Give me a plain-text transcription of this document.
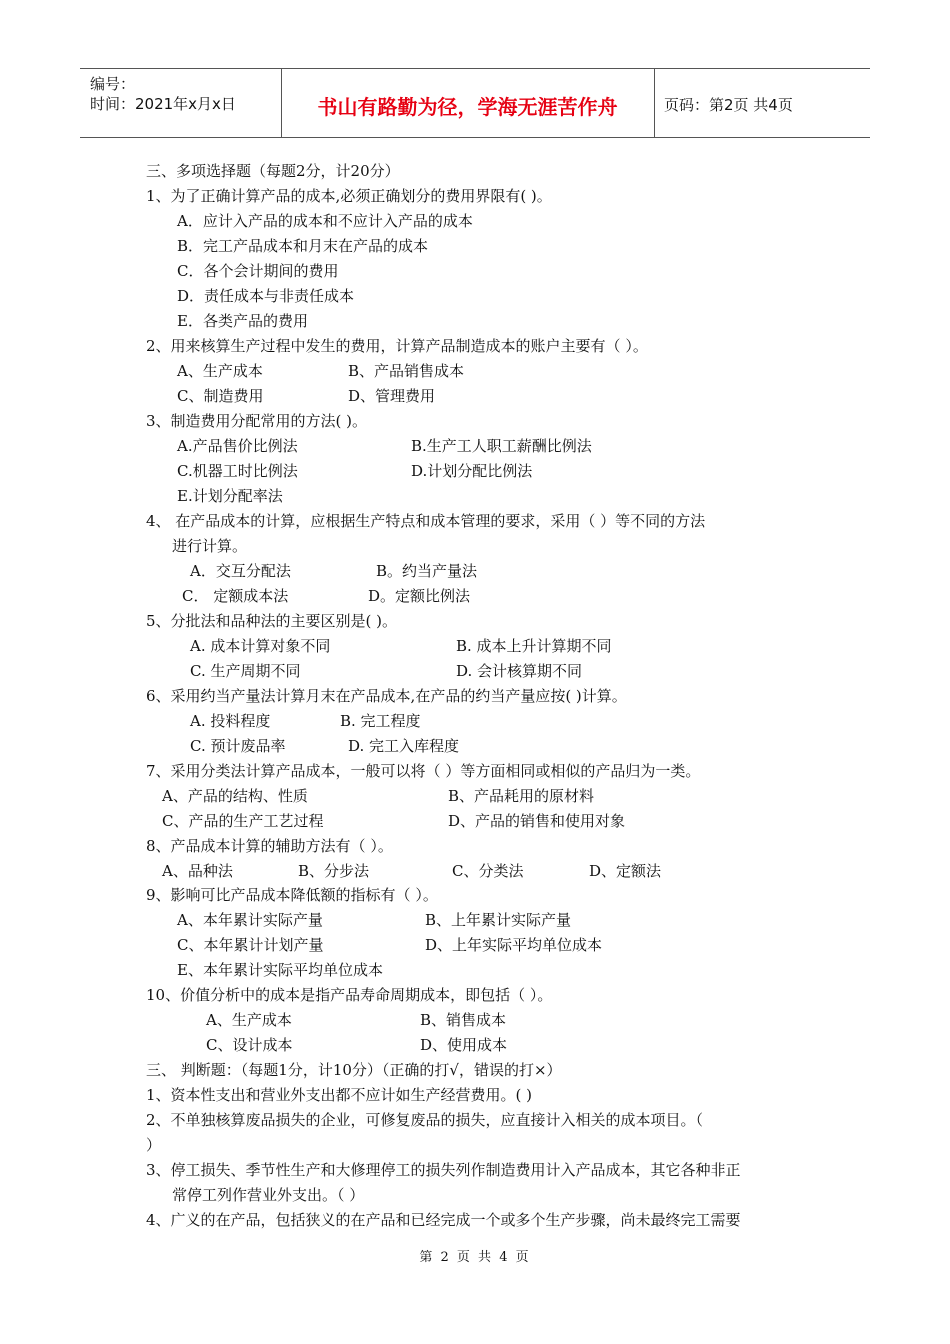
编号：
时间：2021年x月x日	书山有路勤为径，学海无涯苦作舟	页码：第2页 共4页
三、多项选择题（每题2分，计20分）
1、为了正确计算产品的成本,必须正确划分的费用界限有( )。
A．应计入产品的成本和不应计入产品的成本
B．完工产品成本和月末在产品的成本
C．各个会计期间的费用
D．责任成本与非责任成本
E．各类产品的费用
2、用来核算生产过程中发生的费用，计算产品制造成本的账户主要有（ ）。
A、生产成本	B、产品销售成本
C、制造费用	D、管理费用
3、制造费用分配常用的方法( )。
A.产品售价比例法	B.生产工人职工薪酬比例法
C.机器工时比例法	D.计划分配比例法
E.计划分配率法
4、 在产品成本的计算，应根据生产特点和成本管理的要求，采用（ ）等不同的方法
进行计算。
A．交互分配法	B。约当产量法
C． 定额成本法	D。定额比例法
5、分批法和品种法的主要区别是( )。
A. 成本计算对象不同	B. 成本上升计算期不同
C. 生产周期不同	D. 会计核算期不同
6、采用约当产量法计算月末在产品成本,在产品的约当产量应按( )计算。
A. 投料程度	B. 完工程度
C. 预计废品率	D. 完工入库程度
7、采用分类法计算产品成本，一般可以将（ ）等方面相同或相似的产品归为一类。
A、产品的结构、性质	B、产品耗用的原材料
C、产品的生产工艺过程	D、产品的销售和使用对象
8、产品成本计算的辅助方法有（ ）。
A、品种法	B、分步法	C、分类法	D、定额法
9、影响可比产品成本降低额的指标有（ ）。
A、本年累计实际产量	B、上年累计实际产量
C、本年累计计划产量	D、上年实际平均单位成本
E、本年累计实际平均单位成本
10、价值分析中的成本是指产品寿命周期成本，即包括（ ）。
A、生产成本	B、销售成本
C、设计成本	D、使用成本
三、 判断题：（每题1分，计10分）（正确的打√，错误的打×）
1、资本性支出和营业外支出都不应计如生产经营费用。( )
2、不单独核算废品损失的企业，可修复废品的损失，应直接计入相关的成本项目。（
）
3、停工损失、季节性生产和大修理停工的损失列作制造费用计入产品成本，其它各种非正
常停工列作营业外支出。（ ）
4、广义的在产品，包括狭义的在产品和已经完成一个或多个生产步骤，尚未最终完工需要
第 2 页 共 4 页
